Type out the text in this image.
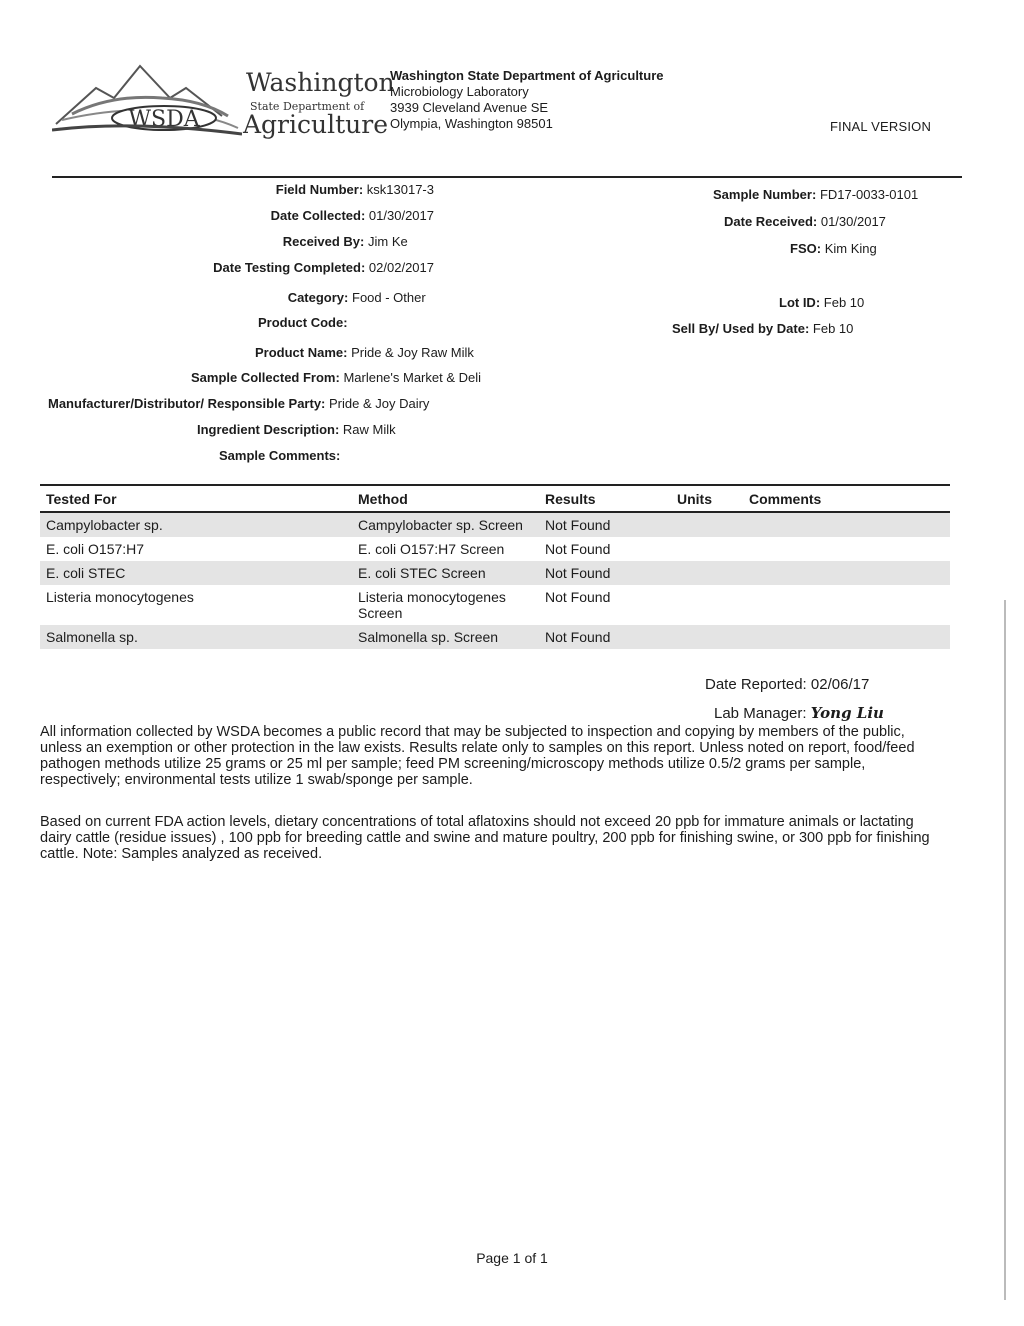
WSDA
Washington
State Department of
Agriculture
Washington State Department of Agriculture
Microbiology Laboratory
3939 Cleveland Avenue SE
Olympia, Washington 98501	FINAL VERSION
Field Number: ksk13017-3
Date Collected: 01/30/2017
Received By: Jim Ke
Date Testing Completed: 02/02/2017
Category: Food - Other
Product Code:
Product Name: Pride & Joy Raw Milk
Sample Collected From: Marlene's Market & Deli
Manufacturer/Distributor/ Responsible Party: Pride & Joy Dairy
Ingredient Description: Raw Milk
Sample Comments:
Sample Number: FD17-0033-0101
Date Received: 01/30/2017
FSO: Kim King
Lot ID: Feb 10
Sell By/ Used by Date: Feb 10
Tested For	Method	Results	Units	Comments
Campylobacter sp.	Campylobacter sp. Screen	Not Found		
E. coli O157:H7	E. coli O157:H7 Screen	Not Found		
E. coli STEC	E. coli STEC Screen	Not Found		
Listeria monocytogenes	Listeria monocytogenes Screen	Not Found		
Salmonella sp.	Salmonella sp. Screen	Not Found		
Date Reported: 02/06/17
Lab Manager: Yong Liu
All information collected by WSDA becomes a public record that may be subjected to inspection and copying by members of the public, unless an exemption or other protection in the law exists. Results relate only to samples on this report. Unless noted on report, food/feed pathogen methods utilize 25 grams or 25 ml per sample; feed PM screening/microscopy methods utilize 0.5/2 grams per sample, respectively; environmental tests utilize 1 swab/sponge per sample.
Based on current FDA action levels, dietary concentrations of total aflatoxins should not exceed 20 ppb for immature animals or lactating dairy cattle (residue issues) , 100 ppb for breeding cattle and swine and mature poultry, 200 ppb for finishing swine, or 300 ppb for finishing cattle. Note: Samples analyzed as received.
Page 1 of 1
